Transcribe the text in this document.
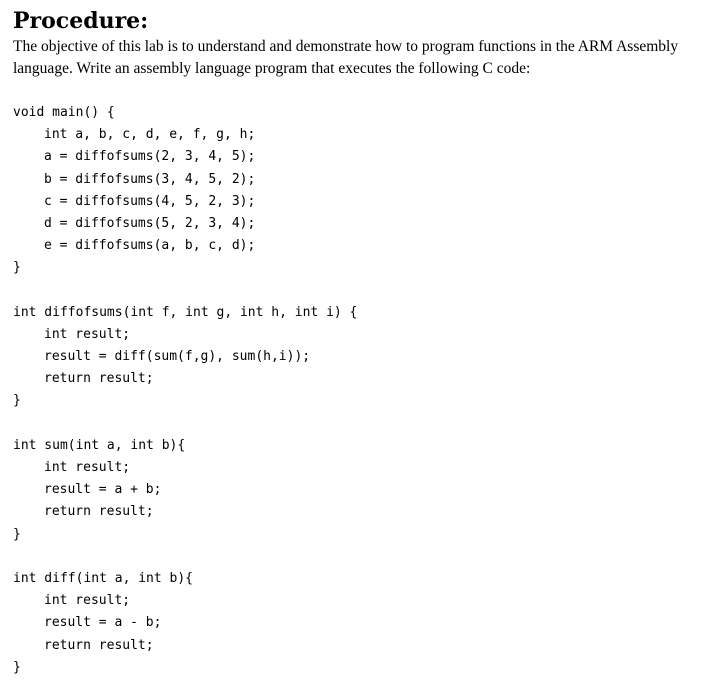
Procedure:

The objective of this lab is to understand and demonstrate how to program functions in the ARM Assembly language. Write an assembly language program that executes the following C code:

void main() {
int a, b, c, d, e, f, g, h;
a = diffofsums(2, 3, 4, 5);
b = diffofsums(3, 4, 5, 2);
c = diffofsums(4, 5, 2, 3);
d = diffofsums(5, 2, 3, 4);
e = diffofsums(a, b, c, d);
}
int diffofsums(int f, int g, int h, int i) {
int result;
result = diff(sum(f,g), sum(h,i));
return result;
}
int sum(int a, int b){
int result;
result = a + b;
return result;
}
int diff(int a, int b){
int result;
result = a - b;
return result;
}
